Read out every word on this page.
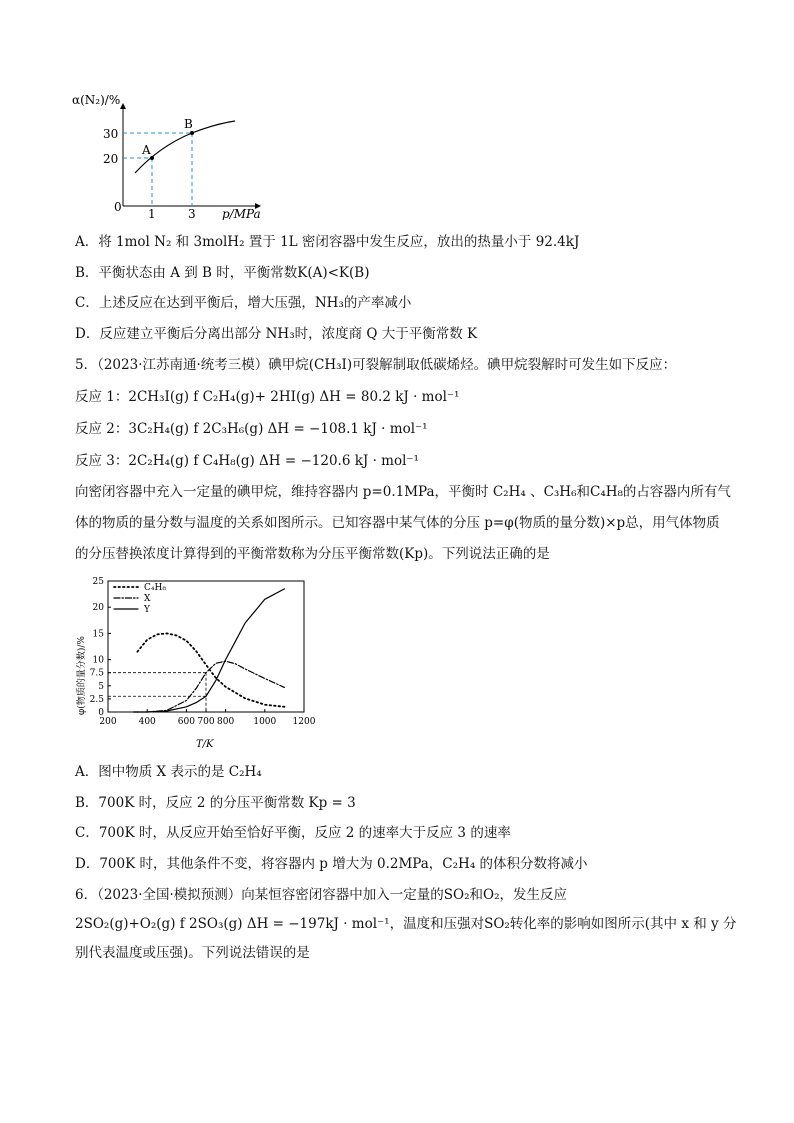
α(N₂)/%
0
20
30
1	3 p/MPa
A
B
A．将 1mol N₂ 和 3molH₂ 置于 1L 密闭容器中发生反应，放出的热量小于 92.4kJ
B．平衡状态由 A 到 B 时，平衡常数K(A)<K(B)
C．上述反应在达到平衡后，增大压强，NH₃的产率减小
D．反应建立平衡后分离出部分 NH₃时，浓度商 Q 大于平衡常数 K
5．（2023·江苏南通·统考三模）碘甲烷(CH₃I)可裂解制取低碳烯烃。碘甲烷裂解时可发生如下反应：
反应 1：2CH₃I(g) f C₂H₄(g)+ 2HI(g) ΔH = 80.2 kJ · mol⁻¹
反应 2：3C₂H₄(g) f 2C₃H₆(g) ΔH = −108.1 kJ · mol⁻¹
反应 3：2C₂H₄(g) f C₄H₈(g) ΔH = −120.6 kJ · mol⁻¹
向密闭容器中充入一定量的碘甲烷，维持容器内 p=0.1MPa，平衡时 C₂H₄ 、C₃H₆和C₄H₈的占容器内所有气
体的物质的量分数与温度的关系如图所示。已知容器中某气体的分压 p=φ(物质的量分数)×p总，用气体物质
的分压替换浓度计算得到的平衡常数称为分压平衡常数(Kp)。下列说法正确的是
φ(物质的量分数)/% 0
2.5
5
7.5
10
15
20
25
200 400 600 700 800 1000 1200
C₄H₈
X
Y
T/K
A．图中物质 X 表示的是 C₂H₄
B．700K 时，反应 2 的分压平衡常数 Kp = 3
C．700K 时，从反应开始至恰好平衡，反应 2 的速率大于反应 3 的速率
D．700K 时，其他条件不变，将容器内 p 增大为 0.2MPa，C₂H₄ 的体积分数将减小
6．（2023·全国·模拟预测）向某恒容密闭容器中加入一定量的SO₂和O₂，发生反应
2SO₂(g)+O₂(g) f 2SO₃(g) ΔH = −197kJ · mol⁻¹，温度和压强对SO₂转化率的影响如图所示(其中 x 和 y 分
别代表温度或压强)。下列说法错误的是
